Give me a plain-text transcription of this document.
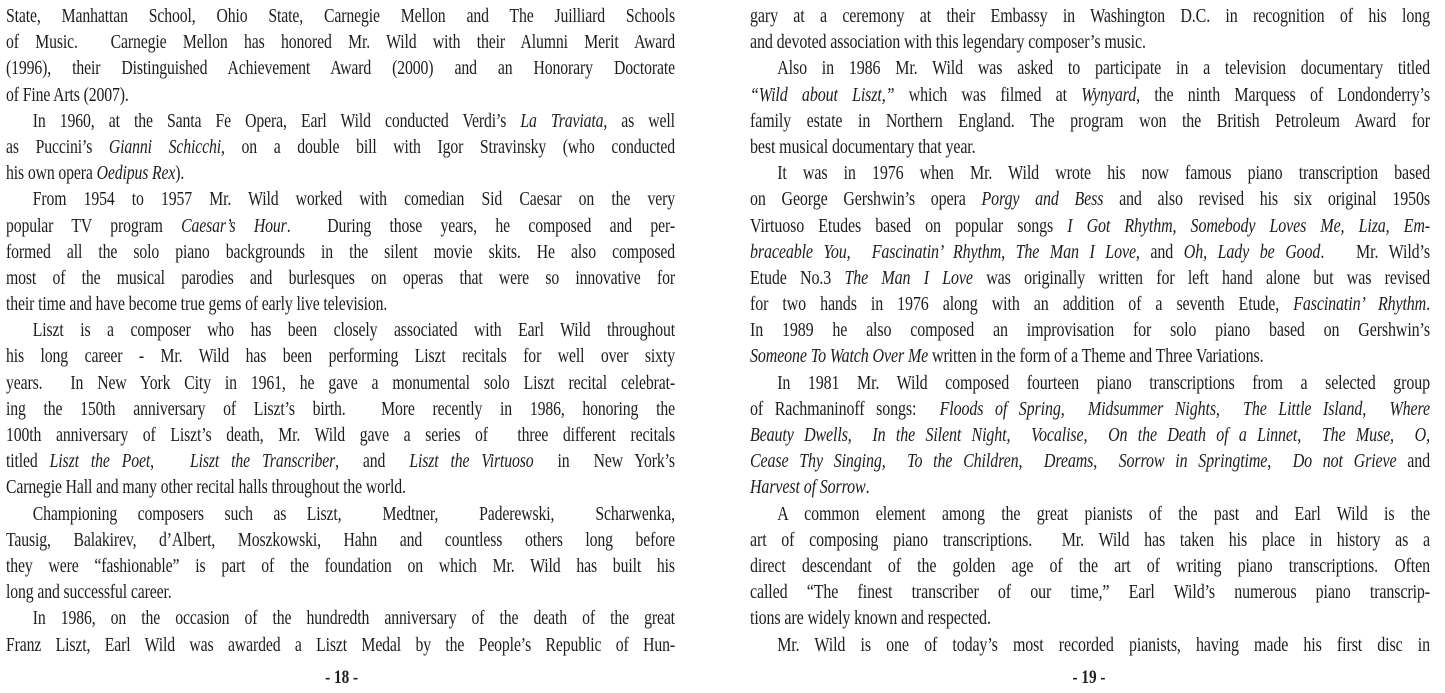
State, Manhattan School, Ohio State, Carnegie Mellon and The Juilliard Schools
of Music.  Carnegie Mellon has honored Mr. Wild with their Alumni Merit Award
(1996), their Distinguished Achievement Award (2000) and an Honorary Doctorate
of Fine Arts (2007).
In 1960, at the Santa Fe Opera, Earl Wild conducted Verdi’s La Traviata, as well
as Puccini’s Gianni Schicchi, on a double bill with Igor Stravinsky (who conducted
his own opera Oedipus Rex).
From 1954 to 1957 Mr. Wild worked with comedian Sid Caesar on the very
popular TV program Caesar’s Hour.  During those years, he composed and per-
formed all the solo piano backgrounds in the silent movie skits. He also composed
most of the musical parodies and burlesques on operas that were so innovative for
their time and have become true gems of early live television.
Liszt is a composer who has been closely associated with Earl Wild throughout
his long career - Mr. Wild has been performing Liszt recitals for well over sixty
years.  In New York City in 1961, he gave a monumental solo Liszt recital celebrat-
ing the 150th anniversary of Liszt’s birth.  More recently in 1986, honoring the
100th anniversary of Liszt’s death, Mr. Wild gave a series of  three different recitals
titled Liszt the Poet,   Liszt the Transcriber,  and  Liszt the Virtuoso  in  New York’s
Carnegie Hall and many other recital halls throughout the world.
Championing composers such as Liszt,  Medtner,  Paderewski,  Scharwenka,
Tausig, Balakirev, d’Albert, Moszkowski, Hahn and countless others long before
they were “fashionable” is part of the foundation on which Mr. Wild has built his
long and successful career.
In 1986, on the occasion of the hundredth anniversary of the death of the great
Franz Liszt, Earl Wild was awarded a Liszt Medal by the People’s Republic of Hun-
gary at a ceremony at their Embassy in Washington D.C. in recognition of his long
and devoted association with this legendary composer’s music.
Also in 1986 Mr. Wild was asked to participate in a television documentary titled
“Wild about Liszt,” which was filmed at Wynyard, the ninth Marquess of Londonderry’s
family estate in Northern England. The program won the British Petroleum Award for
best musical documentary that year.
It was in 1976 when Mr. Wild wrote his now famous piano transcription based
on George Gershwin’s opera Porgy and Bess and also revised his six original 1950s
Virtuoso Etudes based on popular songs I Got Rhythm, Somebody Loves Me, Liza, Em-
braceable You,  Fascinatin’ Rhythm, The Man I Love, and Oh, Lady be Good.   Mr. Wild’s
Etude No.3 The Man I Love was originally written for left hand alone but was revised
for two hands in 1976 along with an addition of a seventh Etude, Fascinatin’ Rhythm.
In 1989 he also composed an improvisation for solo piano based on Gershwin’s
Someone To Watch Over Me written in the form of a Theme and Three Variations.
In 1981 Mr. Wild composed fourteen piano transcriptions from a selected group
of Rachmaninoff songs:  Floods of Spring,  Midsummer Nights,  The Little Island,  Where
Beauty Dwells,  In the Silent Night,  Vocalise,  On the Death of a Linnet,  The Muse,  O,
Cease Thy Singing,  To the Children,  Dreams,  Sorrow in Springtime,  Do not Grieve and
Harvest of Sorrow.
A common element among the great pianists of the past and Earl Wild is the
art of composing piano transcriptions.  Mr. Wild has taken his place in history as a
direct descendant of the golden age of the art of writing piano transcriptions. Often
called “The finest transcriber of our time,” Earl Wild’s numerous piano transcrip-
tions are widely known and respected.
Mr. Wild is one of today’s most recorded pianists, having made his first disc in
- 18 -	- 19 -
